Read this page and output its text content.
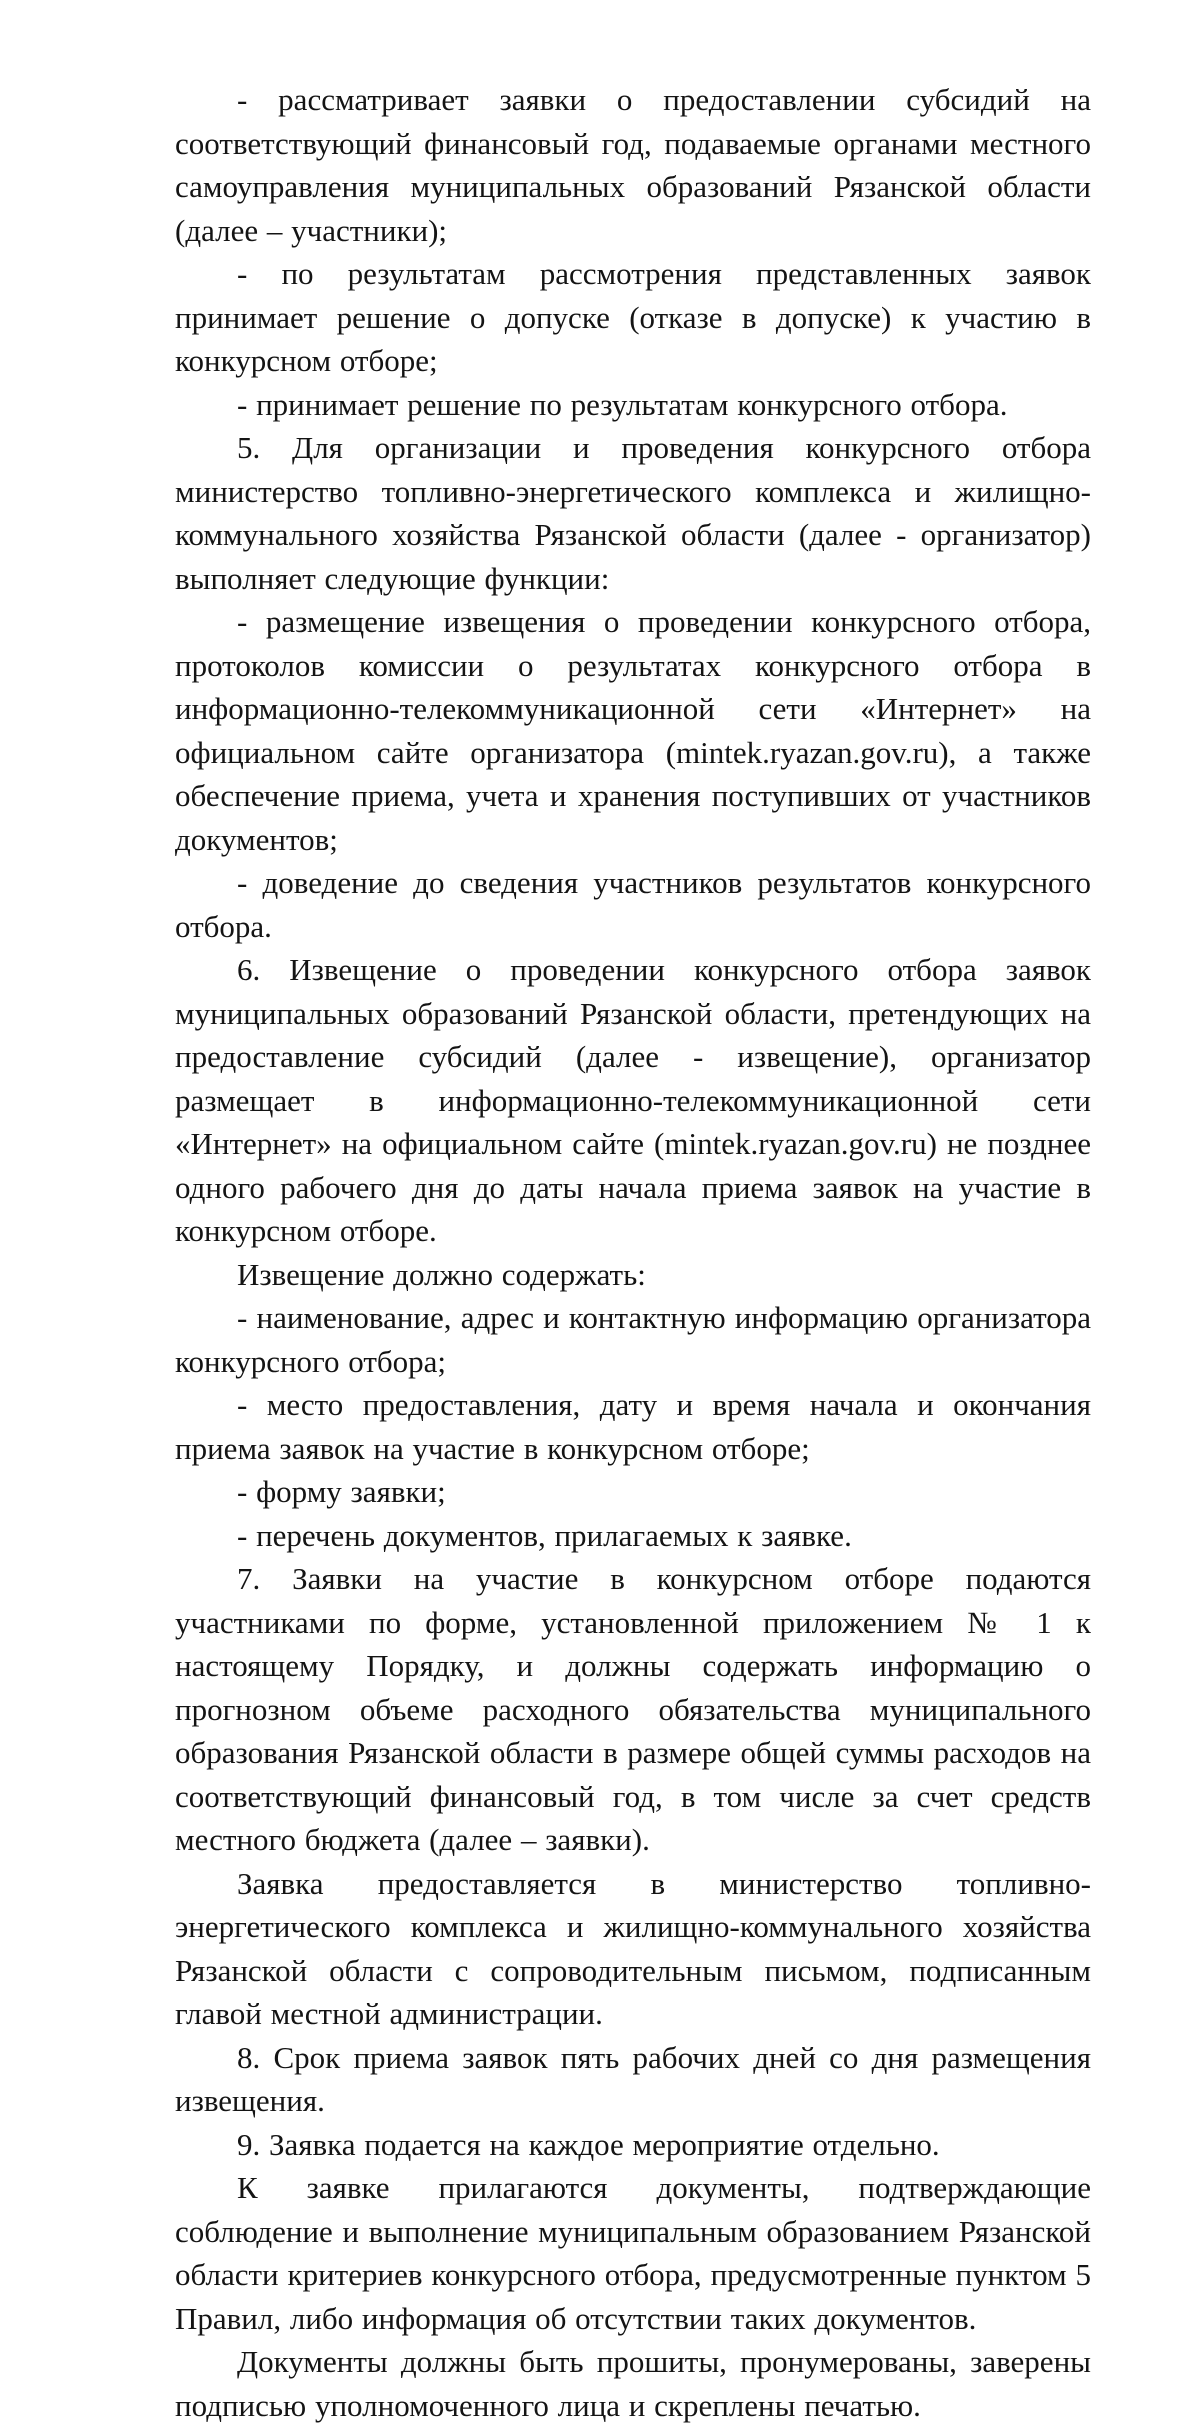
- рассматривает заявки о предоставлении субсидий на соответствующий финансовый год, подаваемые органами местного самоуправления муниципальных образований Рязанской области (далее – участники);

- по результатам рассмотрения представленных заявок принимает решение о допуске (отказе в допуске) к участию в конкурсном отборе;

- принимает решение по результатам конкурсного отбора.

5. Для организации и проведения конкурсного отбора министерство топливно-энергетического комплекса и жилищно-коммунального хозяйства Рязанской области (далее - организатор) выполняет следующие функции:

- размещение извещения о проведении конкурсного отбора, протоколов комиссии о результатах конкурсного отбора в информационно-телекоммуникационной сети «Интернет» на официальном сайте организатора (mintek.ryazan.gov.ru), а также обеспечение приема, учета и хранения поступивших от участников документов;

- доведение до сведения участников результатов конкурсного отбора.

6. Извещение о проведении конкурсного отбора заявок муниципальных образований Рязанской области, претендующих на предоставление субсидий (далее - извещение), организатор размещает в информационно-телекоммуникационной сети «Интернет» на официальном сайте (mintek.ryazan.gov.ru) не позднее одного рабочего дня до даты начала приема заявок на участие в конкурсном отборе.

Извещение должно содержать:

- наименование, адрес и контактную информацию организатора конкурсного отбора;

- место предоставления, дату и время начала и окончания приема заявок на участие в конкурсном отборе;

- форму заявки;

- перечень документов, прилагаемых к заявке.

7. Заявки на участие в конкурсном отборе подаются участниками по форме, установленной приложением № 1 к настоящему Порядку, и должны содержать информацию о прогнозном объеме расходного обязательства муниципального образования Рязанской области в размере общей суммы расходов на соответствующий финансовый год, в том числе за счет средств местного бюджета (далее – заявки).

Заявка предоставляется в министерство топливно-энергетического комплекса и жилищно-коммунального хозяйства Рязанской области с сопроводительным письмом, подписанным главой местной администрации.

8. Срок приема заявок пять рабочих дней со дня размещения извещения.

9. Заявка подается на каждое мероприятие отдельно.

К заявке прилагаются документы, подтверждающие соблюдение и выполнение муниципальным образованием Рязанской области критериев конкурсного отбора, предусмотренные пунктом 5 Правил, либо информация об отсутствии таких документов.

Документы должны быть прошиты, пронумерованы, заверены подписью уполномоченного лица и скреплены печатью.
